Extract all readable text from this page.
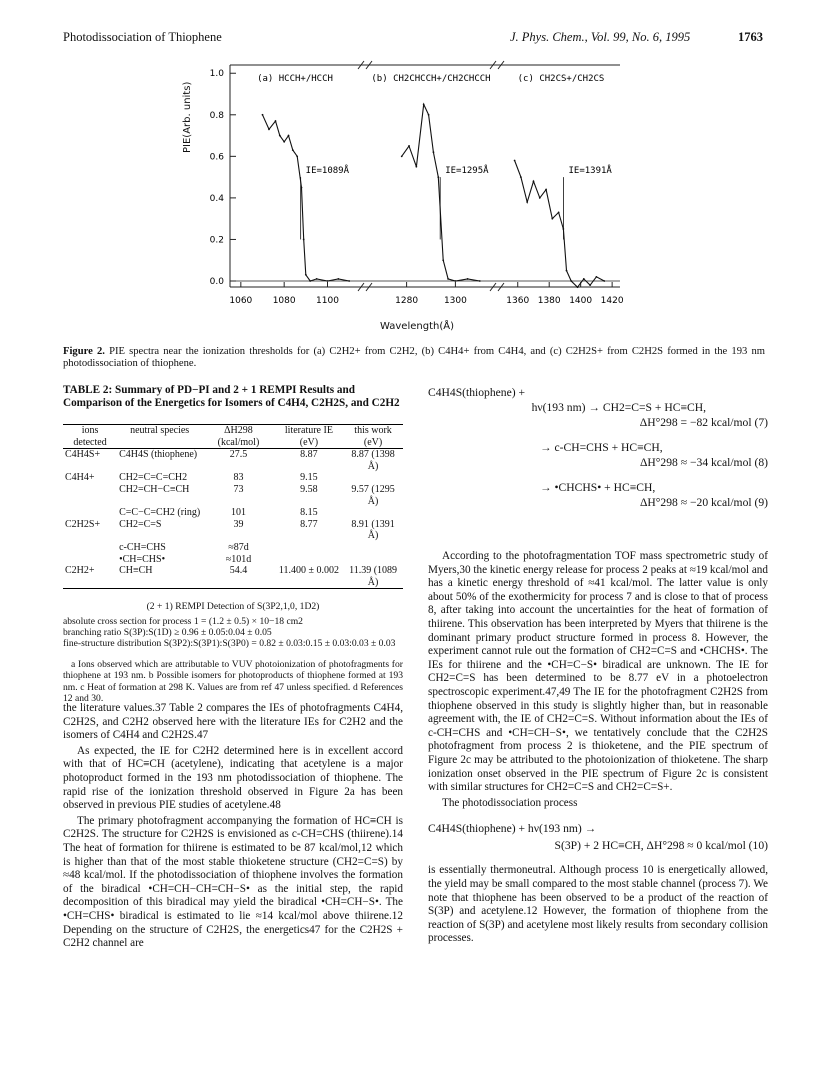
Photodissociation of Thiophene	J. Phys. Chem., Vol. 99, No. 6, 1995	1763
1.0
0.8
0.6
0.4
0.2
0.0
1060 1080 1100
(a) HCCH+/HCCH
IE=1089Å
1280	1300
(b) CH2CHCCH+/CH2CHCCH
IE=1295Å
1360 1380 1400 1420
(c) CH2CS+/CH2CS
IE=1391Å
PIE(Arb. units)
Wavelength(Å)
Figure 2. PIE spectra near the ionization thresholds for (a) C2H2+ from C2H2, (b) C4H4+ from C4H4, and (c) C2H2S+ from C2H2S formed in the 193 nm photodissociation of thiophene.
TABLE 2: Summary of PD−PI and 2 + 1 REMPI Results and Comparison of the Energetics for Isomers of C4H4, C2H2S, and C2H2
ions detected	neutral species	ΔH298 (kcal/mol)	literature IE (eV)	this work (eV)
C4H4S+	C4H4S (thiophene)	27.5	8.87	8.87 (1398 Å)
C4H4+	CH2=C=C=CH2	83	9.15	
	CH2=CH−C≡CH	73	9.58	9.57 (1295 Å)
	C=C−C=CH2 (ring)	101	8.15	
C2H2S+	CH2=C=S	39	8.77	8.91 (1391 Å)
	c-CH=CHS	≈87d		
	•CH=CHS•	≈101d		
C2H2+	CH≡CH	54.4	11.400 ± 0.002	11.39 (1089 Å)
(2 + 1) REMPI Detection of S(3P2,1,0, 1D2)
absolute cross section for process 1 = (1.2 ± 0.5) × 10−18 cm2
branching ratio S(3P):S(1D) ≥ 0.96 ± 0.05:0.04 ± 0.05
fine-structure distribution S(3P2):S(3P1):S(3P0) = 0.82 ± 0.03:0.15 ± 0.03:0.03 ± 0.03
a Ions observed which are attributable to VUV photoionization of photofragments for thiophene at 193 nm. b Possible isomers for photoproducts of thiophene formed at 193 nm. c Heat of formation at 298 K. Values are from ref 47 unless specified. d References 12 and 30.

the literature values.37 Table 2 compares the IEs of photofragments C4H4, C2H2S, and C2H2 observed here with the literature IEs for C2H2 and the isomers of C4H4 and C2H2S.47

As expected, the IE for C2H2 determined here is in excellent accord with that of HC≡CH (acetylene), indicating that acetylene is a major photoproduct formed in the 193 nm photodissociation of thiophene. The rapid rise of the ionization threshold observed in Figure 2a has been observed in previous PIE studies of acetylene.48

The primary photofragment accompanying the formation of HC≡CH is C2H2S. The structure for C2H2S is envisioned as c-CH=CHS (thiirene).14 The heat of formation for thiirene is estimated to be 87 kcal/mol,12 which is higher than that of the most stable thioketene structure (CH2=C=S) by ≈48 kcal/mol. If the photodissociation of thiophene involves the formation of the biradical •CH=CH−CH=CH−S• as the initial step, the rapid decomposition of this biradical may yield the biradical •CH=CH−S•. The •CH=CHS• biradical is estimated to lie ≈14 kcal/mol above thiirene.12 Depending on the structure of C2H2S, the energetics47 for the C2H2S + C2H2 channel are

C4H4S(thiophene) +
hν(193 nm) → CH2=C=S + HC≡CH,
ΔH°298 = −82 kcal/mol (7)
→ c-CH=CHS + HC≡CH,
ΔH°298 ≈ −34 kcal/mol (8)
→ •CHCHS• + HC≡CH,
ΔH°298 ≈ −20 kcal/mol (9)

According to the photofragmentation TOF mass spectrometric study of Myers,30 the kinetic energy release for process 2 peaks at ≈19 kcal/mol and has a kinetic energy threshold of ≈41 kcal/mol. The latter value is only about 50% of the exothermicity for process 7 and is close to that of process 8, after taking into account the uncertainties for the heat of formation of thiirene. This observation has been interpreted by Myers that thiirene is the dominant primary product structure formed in process 8. However, the experiment cannot rule out the formation of CH2=C=S and •CHCHS•. The IEs for thiirene and the •CH=C−S• biradical are unknown. The IE for CH2=C=S has been determined to be 8.77 eV in a photoelectron spectroscopic experiment.47,49 The IE for the photofragment C2H2S from thiophene observed in this study is slightly higher than, but in reasonable agreement with, the IE of CH2=C=S. Without information about the IEs of c-CH=CHS and •CH=CH−S•, we tentatively conclude that the C2H2S photofragment from process 2 is thioketene, and the PIE spectrum of Figure 2c may be attributed to the photoionization of thioketene. The sharp ionization onset observed in the PIE spectrum of Figure 2c is consistent with similar structures for CH2=C=S and CH2=C=S+.

The photodissociation process

C4H4S(thiophene) + hν(193 nm) →
S(3P) + 2 HC≡CH, ΔH°298 ≈ 0 kcal/mol (10)

is essentially thermoneutral. Although process 10 is energetically allowed, the yield may be small compared to the most stable channel (process 7). We note that thiophene has been observed to be a product of the reaction of S(3P) and acetylene.12 However, the formation of thiophene from the reaction of S(3P) and acetylene most likely results from secondary collision processes.
